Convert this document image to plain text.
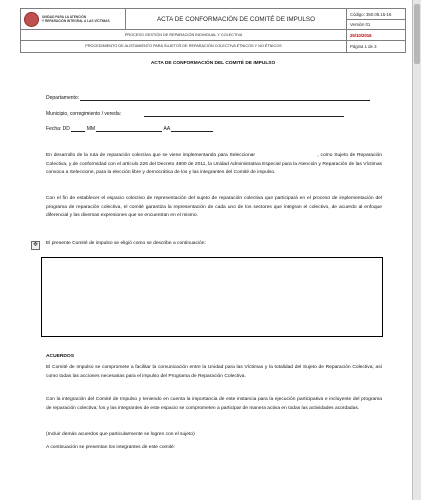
UNIDAD PARA LA ATENCIÓN
Y REPARACIÓN INTEGRAL A LAS VÍCTIMAS	ACTA DE CONFORMACIÓN DE COMITÉ DE IMPULSO	Código: 350.08.15-16
		Versión 01
PROCESO GESTIÓN DE REPARACIÓN INDIVIDUAL Y COLECTIVA		25/10/2016
PROCEDIMIENTO DE ALISTAMIENTO PARA SUJETOS DE REPARACIÓN COLECTIVA ÉTNICOS Y NO ÉTNICOS		Página 1 de 3
ACTA DE CONFORMACIÓN DEL COMITÉ DE IMPULSO
Departamento:
Municipio, corregimiento / vereda:
Fecha: DD	MM	AA
En desarrollo de la ruta de reparación colectiva que se viene implementando para Seleccionar                                    , como Sujeto de Reparación Colectiva, y de conformidad con el artículo 226 del Decreto 4800 de 2011, la Unidad Administrativa Especial para la Atención y Reparación de las Víctimas convoca a Seleccione, para la elección libre y democrática de los y las integrantes del Comité de impulso.
Con el fin de establecer el espacio colectivo de representación del sujeto de reparación colectiva que participará en el proceso de implementación del programa de reparación colectiva, el comité garantiza la representación de cada uno de los sectores que integran el colectivo, de acuerdo al enfoque diferencial y las diversas expresiones que se encuentran en el mismo.
El presente Comité de impulso se eligió como se describe a continuación:
✥
ACUERDOS
El Comité de Impulso se compromete a facilitar la comunicación entre la Unidad para las Víctimas y la totalidad del Sujeto de Reparación Colectiva; así como todas las acciones necesarias para el impulso del Programa de Reparación Colectiva.
Con la integración del Comité de Impulso y teniendo en cuenta la importancia de este instancia para la ejecución participativa e incluyente del programa de reparación colectiva; los y las integrantes de este espacio se comprometen a participar de manera activa en todas las actividades acordadas.
(Incluir demás acuerdos que particularmente se logren con el sujeto)
A continuación se presentan los integrantes de este comité:
